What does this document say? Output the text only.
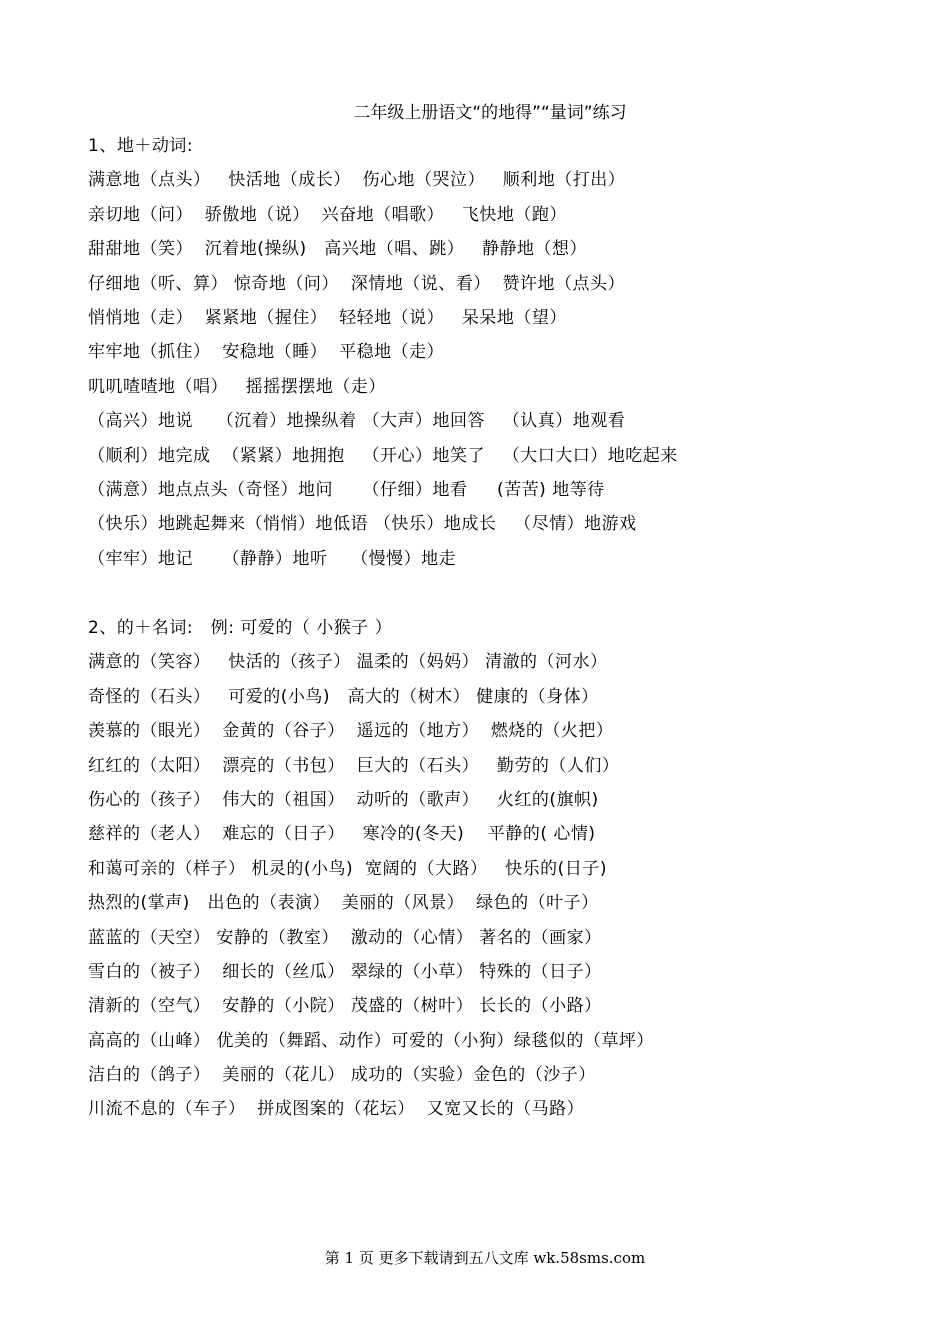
二年级上册语文“的地得”“量词”练习
1、地＋动词:
满意地（点头）   快活地（成长）  伤心地（哭泣）   顺利地（打出）
亲切地（问）  骄傲地（说）  兴奋地（唱歌）   飞快地（跑）
甜甜地（笑）  沉着地(操纵)   高兴地（唱、跳）   静静地（想）
仔细地（听、算） 惊奇地（问）  深情地（说、看）  赞许地（点头）
悄悄地（走）  紧紧地（握住）  轻轻地（说）   呆呆地（望）
牢牢地（抓住）  安稳地（睡）  平稳地（走）
叽叽喳喳地（唱）   摇摇摆摆地（走）
（高兴）地说    （沉着）地操纵着 （大声）地回答   （认真）地观看
（顺利）地完成  （紧紧）地拥抱   （开心）地笑了   （大口大口）地吃起来
（满意）地点点头（奇怪）地问     （仔细）地看     (苦苦) 地等待
（快乐）地跳起舞来（悄悄）地低语 （快乐）地成长   （尽情）地游戏
（牢牢）地记     （静静）地听    （慢慢）地走
2、的＋名词:   例: 可爱的（ 小猴子 ）
满意的（笑容）   快活的（孩子） 温柔的（妈妈） 清澈的（河水）
奇怪的（石头）   可爱的(小鸟)   高大的（树木） 健康的（身体）
羡慕的（眼光）  金黄的（谷子）  遥远的（地方）  燃烧的（火把）
红红的（太阳）  漂亮的（书包）  巨大的（石头）   勤劳的（人们）
伤心的（孩子）  伟大的（祖国）  动听的（歌声）   火红的(旗帜)
慈祥的（老人）  难忘的（日子）   寒冷的(冬天)    平静的( 心情)
和蔼可亲的（样子） 机灵的(小鸟)  宽阔的（大路）   快乐的(日子)
热烈的(掌声)   出色的（表演）  美丽的（风景）  绿色的（叶子）
蓝蓝的（天空） 安静的（教室）  激动的（心情） 著名的（画家）
雪白的（被子）  细长的（丝瓜） 翠绿的（小草） 特殊的（日子）
清新的（空气）  安静的（小院） 茂盛的（树叶） 长长的（小路）
高高的（山峰） 优美的（舞蹈、动作）可爱的（小狗）绿毯似的（草坪）
洁白的（鸽子）  美丽的（花儿） 成功的（实验）金色的（沙子）
川流不息的（车子）  拼成图案的（花坛）  又宽又长的（马路）
第 1 页 更多下载请到五八文库 wk.58sms.com
